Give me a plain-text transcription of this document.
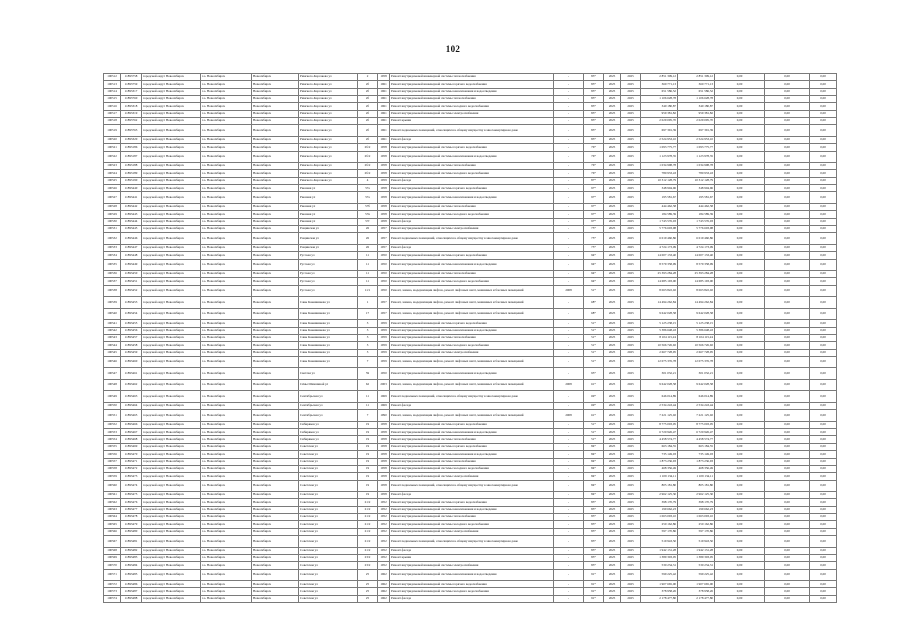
102
100512	11893758	городской округ Новосибирск	г.о. Новосибирск	Новосибирск	Римского-Корсакова ул	2	1958	Ремонт внутридомовой инженерной системы теплоснабжения	-	83*	2025	2025	2 851 309,12	2 851 309,12	0,00	0,00	0,00
100513	11893759	городской округ Новосибирск	г.о. Новосибирск	Новосибирск	Римского-Корсакова ул	2б	1961	Ремонт внутридомовой инженерной системы горячего водоснабжения	-	83*	2025	2025	360 771,13	360 771,13	0,00	0,00	0,00
100514	11893317	городской округ Новосибирск	г.о. Новосибирск	Новосибирск	Римского-Корсакова ул	2б	1961	Ремонт внутридомовой инженерной системы канализования и водоотведения	-	83*	2025	2025	651 586,52	651 586,52	0,00	0,00	0,00
100515	11893760	городской округ Новосибирск	г.о. Новосибирск	Новосибирск	Римского-Корсакова ул	2б	1961	Ремонт внутридомовой инженерной системы теплоснабжения	-	83*	2025	2025	1 106 628,78	1 106 628,78	0,00	0,00	0,00
100516	11893318	городской округ Новосибирск	г.о. Новосибирск	Новосибирск	Римского-Корсакова ул	2б	1961	Ремонт внутридомовой инженерной системы холодного водоснабжения	-	83*	2025	2025	340 180,87	340 180,87	0,00	0,00	0,00
100517	11893319	городской округ Новосибирск	г.о. Новосибирск	Новосибирск	Римского-Корсакова ул	2б	1961	Ремонт внутридомовой инженерной системы электроснабжения	-	83*	2025	2025	959 381,82	959 381,82	0,00	0,00	0,00
100518	11893762	городской округ Новосибирск	г.о. Новосибирск	Новосибирск	Римского-Корсакова ул	2б	1961	Ремонт крыши	-	83*	2025	2025	2 029 095,70	2 029 095,70	0,00	0,00	0,00
100519	11893763	городской округ Новосибирск	г.о. Новосибирск	Новосибирск	Римского-Корсакова ул	2б	1961	Ремонт подвальных помещений, относящихся к общему имуществу в многоквартирном доме	-	83*	2025	2025	697 391,39	697 391,39	0,00	0,00	0,00
100520	11893320	городской округ Новосибирск	г.о. Новосибирск	Новосибирск	Римского-Корсакова ул	2б	1961	Ремонт фасада	-	83*	2025	2025	2 524 953,10	2 524 953,10	0,00	0,00	0,00
100521	11893186	городской округ Новосибирск	г.о. Новосибирск	Новосибирск	Римского-Корсакова ул	2б/2	1958	Ремонт внутридомовой инженерной системы горячего водоснабжения	-	76*	2025	2025	1 093 775,77	1 093 775,77	0,00	0,00	0,00
100522	11893187	городской округ Новосибирск	г.о. Новосибирск	Новосибирск	Римского-Корсакова ул	2б/2	1958	Ремонт внутридомовой инженерной системы канализования и водоотведения	-	76*	2025	2025	1 123 978,35	1 123 978,35	0,00	0,00	0,00
100523	11893188	городской округ Новосибирск	г.о. Новосибирск	Новосибирск	Римского-Корсакова ул	2б/2	1958	Ремонт внутридомовой инженерной системы теплоснабжения	-	76*	2025	2025	1 034 998,78	1 034 998,78	0,00	0,00	0,00
100524	11893189	городской округ Новосибирск	г.о. Новосибирск	Новосибирск	Римского-Корсакова ул	2б/2	1958	Ремонт внутридомовой инженерной системы холодного водоснабжения	-	76*	2025	2025	780 933,43	780 933,43	0,00	0,00	0,00
100525	11893190	городской округ Новосибирск	г.о. Новосибирск	Новосибирск	Римского-Корсакова ул	4	1959	Ремонт фасада	-	87*	2025	2025	10 312 128,79	10 312 128,79	0,00	0,00	0,00
100526	11893440	городской округ Новосибирск	г.о. Новосибирск	Новосибирск	Рионная ул	57а	1958	Ремонт внутридомовой инженерной системы горячего водоснабжения	-	97*	2025	2025	348 904,96	348 904,96	0,00	0,00	0,00
100527	11893441	городской округ Новосибирск	г.о. Новосибирск	Новосибирск	Рионная ул	57а	1958	Ремонт внутридомовой инженерной системы канализования и водоотведения	-	97*	2025	2025	195 581,67	195 581,67	0,00	0,00	0,00
100528	11893442	городской округ Новосибирск	г.о. Новосибирск	Новосибирск	Рионная ул	57б	1958	Ремонт внутридомовой инженерной системы теплоснабжения	-	97*	2025	2025	444 462,58	444 462,58	0,00	0,00	0,00
100529	11893443	городской округ Новосибирск	г.о. Новосибирск	Новосибирск	Рионная ул	57в	1958	Ремонт внутридомовой инженерной системы холодного водоснабжения	-	97*	2025	2025	184 589,39	184 589,39	0,00	0,00	0,00
100530	11893444	городской округ Новосибирск	г.о. Новосибирск	Новосибирск	Рионная ул	57г	1958	Ремонт фасада	-	97*	2025	2025	1 743 576,03	1 743 576,03	0,00	0,00	0,00
100531	11893445	городской округ Новосибирск	г.о. Новосибирск	Новосибирск	Рощинская ул	26	1957	Ремонт внутридомовой инженерной системы электроснабжения	-	75*	2025	2025	5 776 603,98	5 776 603,98	0,00	0,00	0,00
100532	11893446	городской округ Новосибирск	г.о. Новосибирск	Новосибирск	Рощинская ул	26	1957	Ремонт подвальных помещений, относящихся к общему имуществу в многоквартирном доме	-	75*	2025	2025	6 019 460,86	6 019 460,86	0,00	0,00	0,00
100533	11893447	городской округ Новосибирск	г.о. Новосибирск	Новосибирск	Рощинская ул	26	1957	Ремонт фасада	-	75*	2025	2025	4 724 173,09	4 724 173,09	0,00	0,00	0,00
100534	11893448	городской округ Новосибирск	г.о. Новосибирск	Новосибирск	Русская ул	11	1950	Ремонт внутридомовой инженерной системы горячего водоснабжения	-	94*	2025	2025	14 007 133,40	14 007 133,40	0,00	0,00	0,00
100535	11893449	городской округ Новосибирск	г.о. Новосибирск	Новосибирск	Русская ул	11	1950	Ремонт внутридомовой инженерной системы канализования и водоотведения	-	94*	2025	2025	8 579 358,99	8 579 358,99	0,00	0,00	0,00
100536	11893450	городской округ Новосибирск	г.о. Новосибирск	Новосибирск	Русская ул	11	1950	Ремонт внутридомовой инженерной системы теплоснабжения	-	94*	2025	2025	25 393 284,28	25 393 284,28	0,00	0,00	0,00
100537	11893451	городской округ Новосибирск	г.о. Новосибирск	Новосибирск	Русская ул	11	1950	Ремонт внутридомовой инженерной системы холодного водоснабжения	-	94*	2025	2025	14 685 193,00	14 685 193,00	0,00	0,00	0,00
100538	11893452	городской округ Новосибирск	г.о. Новосибирск	Новосибирск	Русская ул	11/1	1950	Ремонт, замена, модернизация лифтов, ремонт лифтовых шахт, машинных и блочных помещений	2008	51*	2025	2025	8 063 822,02	8 063 822,02	0,00	0,00	0,00
100539	11893453	городской округ Новосибирск	г.о. Новосибирск	Новосибирск	Савы Кожевникова ул	1	1957	Ремонт, замена, модернизация лифтов, ремонт лифтовых шахт, машинных и блочных помещений	-	68*	2025	2025	14 494 262,84	14 494 262,84	0,00	0,00	0,00
100540	11893454	городской округ Новосибирск	г.о. Новосибирск	Новосибирск	Савы Кожевникова ул	17	1957	Ремонт, замена, модернизация лифтов, ремонт лифтовых шахт, машинных и блочных помещений	-	68*	2025	2025	9 642 028,58	9 642 028,58	0,00	0,00	0,00
100541	11893455	городской округ Новосибирск	г.о. Новосибирск	Новосибирск	Савы Кожевникова ул	3	1959	Ремонт внутридомовой инженерной системы горячего водоснабжения	-	51*	2025	2025	5 125 238,15	5 125 238,15	0,00	0,00	0,00
100542	11893456	городской округ Новосибирск	г.о. Новосибирск	Новосибирск	Савы Кожевникова ул	3	1959	Ремонт внутридомовой инженерной системы канализования и водоотведения	-	51*	2025	2025	5 386 648,43	5 386 648,43	0,00	0,00	0,00
100543	11893457	городской округ Новосибирск	г.о. Новосибирск	Новосибирск	Савы Кожевникова ул	3	1959	Ремонт внутридомовой инженерной системы теплоснабжения	-	51*	2025	2025	8 104 115,24	8 104 115,24	0,00	0,00	0,00
100544	11893458	городской округ Новосибирск	г.о. Новосибирск	Новосибирск	Савы Кожевникова ул	3	1959	Ремонт внутридомовой инженерной системы холодного водоснабжения	-	51*	2025	2025	10 566 726,92	10 566 726,92	0,00	0,00	0,00
100545	11893459	городской округ Новосибирск	г.о. Новосибирск	Новосибирск	Савы Кожевникова ул	3	1959	Ремонт внутридомовой инженерной системы электроснабжения	-	51*	2025	2025	2 667 728,95	2 667 728,95	0,00	0,00	0,00
100546	11893460	городской округ Новосибирск	г.о. Новосибирск	Новосибирск	Савы Кожевникова ул	7	1959	Ремонт, замена, модернизация лифтов, ремонт лифтовых шахт, машинных и блочных помещений	-	51*	2025	2025	12 075 376,78	12 075 376,78	0,00	0,00	0,00
100547	11893461	городской округ Новосибирск	г.о. Новосибирск	Новосибирск	Светлая ул	59	1950	Ремонт внутридомовой инженерной системы канализования и водоотведения	-	95*	2025	2025	301 032,21	301 032,21	0,00	0,00	0,00
100548	11893462	городской округ Новосибирск	г.о. Новосибирск	Новосибирск	Сёмы Шамшиной ул	62	2003	Ремонт, замена, модернизация лифтов, ремонт лифтовых шахт, машинных и блочных помещений	2008	61*	2025	2025	9 642 028,58	9 642 028,58	0,00	0,00	0,00
100549	11893463	городской округ Новосибирск	г.о. Новосибирск	Новосибирск	Сентябрьская ул	11	1969	Ремонт подвальных помещений, относящихся к общему имуществу в многоквартирном доме	-	69*	2025	2025	646 014,89	646 014,89	0,00	0,00	0,00
100550	11893464	городской округ Новосибирск	г.о. Новосибирск	Новосибирск	Сентябрьская ул	11	1969	Ремонт фасада	-	69*	2025	2025	2 534 243,44	2 534 243,44	0,00	0,00	0,00
100551	11893465	городской округ Новосибирск	г.о. Новосибирск	Новосибирск	Сентябрьская ул	7	1990	Ремонт, замена, модернизация лифтов, ремонт лифтовых шахт, машинных и блочных помещений	2008	61*	2025	2025	7 221 125,02	7 221 125,02	0,00	0,00	0,00
100552	11893466	городской округ Новосибирск	г.о. Новосибирск	Новосибирск	Сибиряков ул	19	1958	Ремонт внутридомовой инженерной системы горячего водоснабжения	-	51*	2025	2025	8 775 003,05	8 775 003,05	0,00	0,00	0,00
100553	11893467	городской округ Новосибирск	г.о. Новосибирск	Новосибирск	Сибиряков ул	19	1958	Ремонт внутридомовой инженерной системы канализования и водоотведения	-	51*	2025	2025	6 720 926,47	6 720 926,47	0,00	0,00	0,00
100554	11893468	городской округ Новосибирск	г.о. Новосибирск	Новосибирск	Сибиряков ул	19	1958	Ремонт внутридомовой инженерной системы теплоснабжения	-	51*	2025	2025	4 458 574,77	4 458 574,77	0,00	0,00	0,00
100555	11893469	городской округ Новосибирск	г.о. Новосибирск	Новосибирск	Советская ул	19	1958	Ремонт внутридомовой инженерной системы горячего водоснабжения	-	84*	2025	2025	663 184,55	663 184,55	0,00	0,00	0,00
100556	11893470	городской округ Новосибирск	г.о. Новосибирск	Новосибирск	Советская ул	19	1958	Ремонт внутридомовой инженерной системы канализования и водоотведения	-	84*	2025	2025	735 149,03	735 149,03	0,00	0,00	0,00
100557	11893471	городской округ Новосибирск	г.о. Новосибирск	Новосибирск	Советская ул	19	1958	Ремонт внутридомовой инженерной системы теплоснабжения	-	84*	2025	2025	1 873 236,93	1 873 236,93	0,00	0,00	0,00
100558	11893472	городской округ Новосибирск	г.о. Новосибирск	Новосибирск	Советская ул	19	1958	Ремонт внутридомовой инженерной системы холодного водоснабжения	-	84*	2025	2025	468 356,49	468 356,49	0,00	0,00	0,00
100559	11893473	городской округ Новосибирск	г.о. Новосибирск	Новосибирск	Советская ул	19	1958	Ремонт внутридомовой инженерной системы электроснабжения	-	84*	2025	2025	1 109 134,11	1 109 134,11	0,00	0,00	0,00
100560	11893474	городской округ Новосибирск	г.о. Новосибирск	Новосибирск	Советская ул	19	1958	Ремонт подвальных помещений, относящихся к общему имуществу в многоквартирном доме	-	84*	2025	2025	805 181,80	805 181,80	0,00	0,00	0,00
100561	11893475	городской округ Новосибирск	г.о. Новосибирск	Новосибирск	Советская ул	19	1958	Ремонт фасада	-	84*	2025	2025	2 962 125,30	2 962 125,30	0,00	0,00	0,00
100562	11893476	городской округ Новосибирск	г.о. Новосибирск	Новосибирск	Советская ул	21/2	1952	Ремонт внутридомовой инженерной системы горячего водоснабжения	-	83*	2025	2025	398 170,79	398 170,79	0,00	0,00	0,00
100563	11893477	городской округ Новосибирск	г.о. Новосибирск	Новосибирск	Советская ул	21/2	1952	Ремонт внутридомовой инженерной системы канализования и водоотведения	-	83*	2025	2025	199 662,23	199 662,23	0,00	0,00	0,00
100564	11893478	городской округ Новосибирск	г.о. Новосибирск	Новосибирск	Советская ул	21/2	1952	Ремонт внутридомовой инженерной системы теплоснабжения	-	83*	2025	2025	1 063 093,10	1 063 093,10	0,00	0,00	0,00
100565	11893479	городской округ Новосибирск	г.о. Новосибирск	Новосибирск	Советская ул	21/2	1952	Ремонт внутридомовой инженерной системы холодного водоснабжения	-	83*	2025	2025	250 162,86	250 162,86	0,00	0,00	0,00
100566	11893480	городской округ Новосибирск	г.о. Новосибирск	Новосибирск	Советская ул	21/2	1952	Ремонт внутридомовой инженерной системы электроснабжения	-	83*	2025	2025	597 170,86	597 170,86	0,00	0,00	0,00
100567	11893481	городской округ Новосибирск	г.о. Новосибирск	Новосибирск	Советская ул	21/2	1952	Ремонт подвальных помещений, относящихся к общему имуществу в многоквартирном доме	-	83*	2025	2025	519 943,50	519 943,50	0,00	0,00	0,00
100568	11893482	городской округ Новосибирск	г.о. Новосибирск	Новосибирск	Советская ул	21/2	1952	Ремонт фасада	-	83*	2025	2025	1 942 131,28	1 942 131,28	0,00	0,00	0,00
100569	11893483	городской округ Новосибирск	г.о. Новосибирск	Новосибирск	Советская ул	23/2	1952	Ремонт крыши	-	83*	2025	2025	1 389 303,05	1 389 303,05	0,00	0,00	0,00
100570	11893484	городской округ Новосибирск	г.о. Новосибирск	Новосибирск	Советская ул	23/2	1952	Ремонт внутридомовой инженерной системы электроснабжения	-	83*	2025	2025	530 234,31	530 234,31	0,00	0,00	0,00
100571	11893485	городской округ Новосибирск	г.о. Новосибирск	Новосибирск	Советская ул	25	1962	Ремонт внутридомовой инженерной системы канализования и водоотведения	-	91*	2025	2025	599 225,42	599 225,42	0,00	0,00	0,00
100572	11893486	городской округ Новосибирск	г.о. Новосибирск	Новосибирск	Советская ул	25	1962	Ремонт внутридомовой инженерной системы горячего водоснабжения	-	91*	2025	2025	1 907 665,00	1 907 665,00	0,00	0,00	0,00
100573	11893487	городской округ Новосибирск	г.о. Новосибирск	Новосибирск	Советская ул	25	1962	Ремонт внутридомовой инженерной системы холодного водоснабжения	-	91*	2025	2025	378 958,26	378 958,26	0,00	0,00	0,00
100574	11893488	городской округ Новосибирск	г.о. Новосибирск	Новосибирск	Советская ул	25	1962	Ремонт фасада	-	91*	2025	2025	2 178 477,80	2 178 477,80	0,00	0,00	0,00
